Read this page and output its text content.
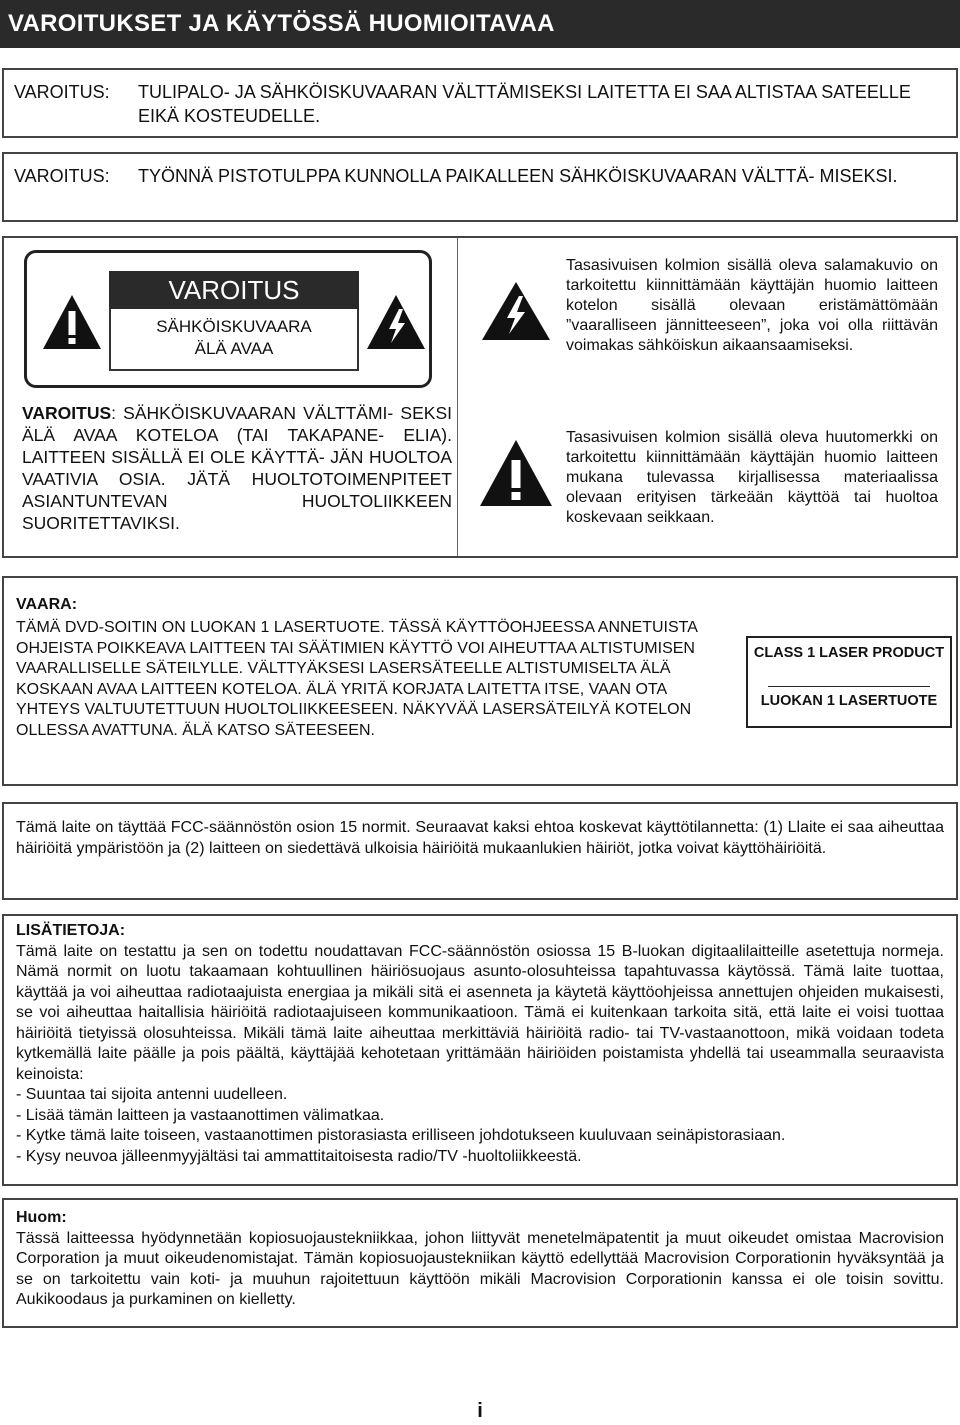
VAROITUKSET JA KÄYTÖSSÄ HUOMIOITAVAA
VAROITUS:	TULIPALO- JA SÄHKÖISKUVAARAN VÄLTTÄMISEKSI LAITETTA EI SAA ALTISTAA SATEELLE EIKÄ KOSTEUDELLE.
VAROITUS:	TYÖNNÄ PISTOTULPPA KUNNOLLA PAIKALLEEN SÄHKÖISKUVAARAN VÄLTTÄ- MISEKSI.
VAROITUS
SÄHKÖISKUVAARA
ÄLÄ AVAA
VAROITUS: SÄHKÖISKUVAARAN VÄLTTÄMI- SEKSI ÄLÄ AVAA KOTELOA (TAI TAKAPANE- ELIA). LAITTEEN SISÄLLÄ EI OLE KÄYTTÄ- JÄN HUOLTOA VAATIVIA OSIA. JÄTÄ HUOLTOTOIMENPITEET ASIANTUNTEVAN HUOLTOLIIKKEEN SUORITETTAVIKSI.
Tasasivuisen kolmion sisällä oleva salamakuvio on tarkoitettu kiinnittämään käyttäjän huomio laitteen kotelon sisällä olevaan eristämättömään ”vaaralliseen jännitteeseen”, joka voi olla riittävän voimakas sähköiskun aikaansaamiseksi.
Tasasivuisen kolmion sisällä oleva huutomerkki on tarkoitettu kiinnittämään käyttäjän huomio laitteen mukana tulevassa kirjallisessa materiaalissa olevaan erityisen tärkeään käyttöä tai huoltoa koskevaan seikkaan.
VAARA:
TÄMÄ DVD-SOITIN ON LUOKAN 1 LASERTUOTE. TÄSSÄ KÄYTTÖOHJEESSA ANNETUISTA OHJEISTA POIKKEAVA LAITTEEN TAI SÄÄTIMIEN KÄYTTÖ VOI AIHEUTTAA ALTISTUMISEN VAARALLISELLE SÄTEILYLLE. VÄLTTYÄKSESI LASERSÄTEELLE ALTISTUMISELTA ÄLÄ KOSKAAN AVAA LAITTEEN KOTELOA. ÄLÄ YRITÄ KORJATA LAITETTA ITSE, VAAN OTA YHTEYS VALTUUTETTUUN HUOLTOLIIKKEESEEN. NÄKYVÄÄ LASERSÄTEILYÄ KOTELON OLLESSA AVATTUNA. ÄLÄ KATSO SÄTEESEEN.
CLASS 1 LASER PRODUCT
LUOKAN 1 LASERTUOTE
Tämä laite on täyttää FCC-säännöstön osion 15 normit. Seuraavat kaksi ehtoa koskevat käyttötilannetta: (1) Llaite ei saa aiheuttaa häiriöitä ympäristöön ja (2) laitteen on siedettävä ulkoisia häiriöitä mukaanlukien häiriöt, jotka voivat käyttöhäiriöitä.
LISÄTIETOJA:
Tämä laite on testattu ja sen on todettu noudattavan FCC-säännöstön osiossa 15 B-luokan digitaalilaitteille asetettuja normeja. Nämä normit on luotu takaamaan kohtuullinen häiriösuojaus asunto-olosuhteissa tapahtuvassa käytössä. Tämä laite tuottaa, käyttää ja voi aiheuttaa radiotaajuista energiaa ja mikäli sitä ei asenneta ja käytetä käyttöohjeissa annettujen ohjeiden mukaisesti, se voi aiheuttaa haitallisia häiriöitä radiotaajuiseen kommunikaatioon. Tämä ei kuitenkaan tarkoita sitä, että laite ei voisi tuottaa häiriöitä tietyissä olosuhteissa. Mikäli tämä laite aiheuttaa merkittäviä häiriöitä radio- tai TV-vastaanottoon, mikä voidaan todeta kytkemällä laite päälle ja pois päältä, käyttäjää kehotetaan yrittämään häiriöiden poistamista yhdellä tai useammalla seuraavista keinoista:
- Suuntaa tai sijoita antenni uudelleen.
- Lisää tämän laitteen ja vastaanottimen välimatkaa.
- Kytke tämä laite toiseen, vastaanottimen pistorasiasta erilliseen johdotukseen kuuluvaan seinäpistorasiaan.
- Kysy neuvoa jälleenmyyjältäsi tai ammattitaitoisesta radio/TV -huoltoliikkeestä.
Huom:
Tässä laitteessa hyödynnetään kopiosuojaustekniikkaa, johon liittyvät menetelmäpatentit ja muut oikeudet omistaa Macrovision Corporation ja muut oikeudenomistajat. Tämän kopiosuojaustekniikan käyttö edellyttää Macrovision Corporationin hyväksyntää ja se on tarkoitettu vain koti- ja muuhun rajoitettuun käyttöön mikäli Macrovision Corporationin kanssa ei ole toisin sovittu. Aukikoodaus ja purkaminen on kielletty.
i
